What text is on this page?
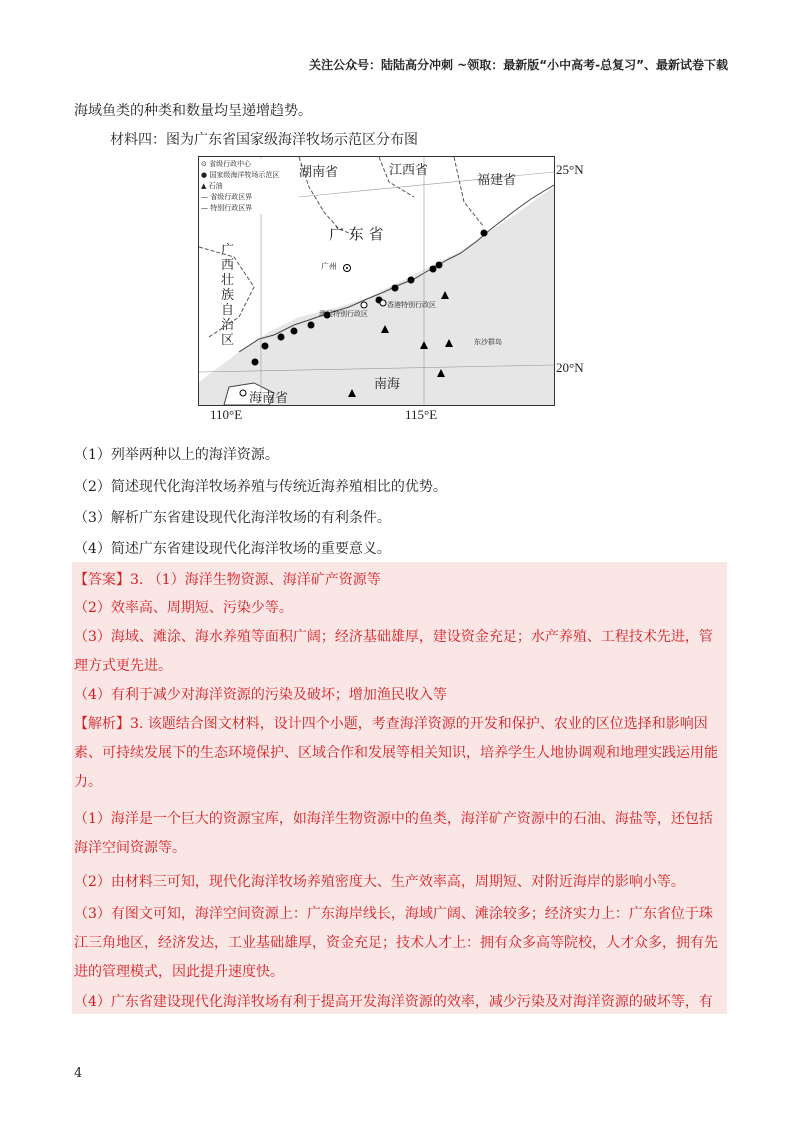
关注公众号：陆陆高分冲刺 ~领取：最新版“小中高考-总复习”、最新试卷下载
海域鱼类的种类和数量均呈递增趋势。
材料四：图为广东省国家级海洋牧场示范区分布图
⊙ 省级行政中心
● 国家级海洋牧场示范区
▲ 石油
— 省级行政区界
— 特别行政区界
湖南省	江西省
福建省
广 东 省
广西壮族自治区
广州
澳门特别行政区
香港特别行政区
东沙群岛
南海
海南省
25°N
20°N
110°E	115°E
（1）列举两种以上的海洋资源。
（2）简述现代化海洋牧场养殖与传统近海养殖相比的优势。
（3）解析广东省建设现代化海洋牧场的有利条件。
（4）简述广东省建设现代化海洋牧场的重要意义。
【答案】3. （1）海洋生物资源、海洋矿产资源等
（2）效率高、周期短、污染少等。
（3）海域、滩涂、海水养殖等面积广阔；经济基础雄厚，建设资金充足；水产养殖、工程技术先进，管
理方式更先进。
（4）有利于减少对海洋资源的污染及破坏；增加渔民收入等
【解析】3. 该题结合图文材料，设计四个小题，考查海洋资源的开发和保护、农业的区位选择和影响因
素、可持续发展下的生态环境保护、区域合作和发展等相关知识，培养学生人地协调观和地理实践运用能
力。
（1）海洋是一个巨大的资源宝库，如海洋生物资源中的鱼类，海洋矿产资源中的石油、海盐等，还包括
海洋空间资源等。
（2）由材料三可知，现代化海洋牧场养殖密度大、生产效率高，周期短、对附近海岸的影响小等。
（3）有图文可知，海洋空间资源上：广东海岸线长，海域广阔、滩涂较多；经济实力上：广东省位于珠
江三角地区，经济发达，工业基础雄厚，资金充足；技术人才上：拥有众多高等院校，人才众多，拥有先
进的管理模式，因此提升速度快。
（4）广东省建设现代化海洋牧场有利于提高开发海洋资源的效率，减少污染及对海洋资源的破坏等，有
4
